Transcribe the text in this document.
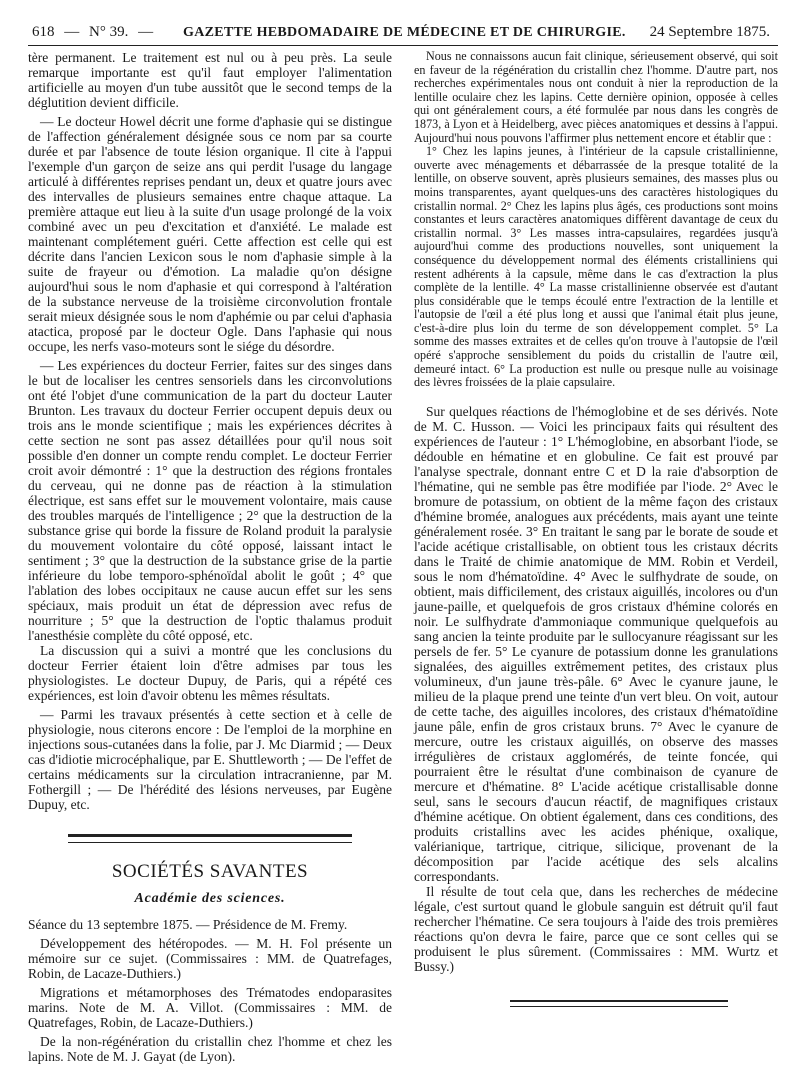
618 — N° 39. —	GAZETTE HEBDOMADAIRE DE MÉDECINE ET DE CHIRURGIE. 24 Septembre 1875.

tère permanent. Le traitement est nul ou à peu près. La seule remarque importante est qu'il faut employer l'alimentation artificielle au moyen d'un tube aussitôt que le second temps de la déglutition devient difficile.

— Le docteur Howel décrit une forme d'aphasie qui se distingue de l'affection généralement désignée sous ce nom par sa courte durée et par l'absence de toute lésion organique. Il cite à l'appui l'exemple d'un garçon de seize ans qui perdit l'usage du langage articulé à différentes reprises pendant un, deux et quatre jours avec des intervalles de plusieurs semaines entre chaque attaque. La première attaque eut lieu à la suite d'un usage prolongé de la voix combiné avec un peu d'excitation et d'anxiété. Le malade est maintenant complétement guéri. Cette affection est celle qui est décrite dans l'ancien Lexicon sous le nom d'aphasie simple à la suite de frayeur ou d'émotion. La maladie qu'on désigne aujourd'hui sous le nom d'aphasie et qui correspond à l'altération de la substance nerveuse de la troisième circonvolution frontale serait mieux désignée sous le nom d'aphémie ou par celui d'aphasia atactica, proposé par le docteur Ogle. Dans l'aphasie qui nous occupe, les nerfs vaso-moteurs sont le siége du désordre.

— Les expériences du docteur Ferrier, faites sur des singes dans le but de localiser les centres sensoriels dans les circonvolutions ont été l'objet d'une communication de la part du docteur Lauter Brunton. Les travaux du docteur Ferrier occupent depuis deux ou trois ans le monde scientifique ; mais les expériences décrites à cette section ne sont pas assez détaillées pour qu'il nous soit possible d'en donner un compte rendu complet. Le docteur Ferrier croit avoir démontré : 1° que la destruction des régions frontales du cerveau, qui ne donne pas de réaction à la stimulation électrique, est sans effet sur le mouvement volontaire, mais cause des troubles marqués de l'intelligence ; 2° que la destruction de la substance grise qui borde la fissure de Roland produit la paralysie du mouvement volontaire du côté opposé, laissant intact le sentiment ; 3° que la destruction de la substance grise de la partie inférieure du lobe temporo-sphénoïdal abolit le goût ; 4° que l'ablation des lobes occipitaux ne cause aucun effet sur les sens spéciaux, mais produit un état de dépression avec refus de nourriture ; 5° que la destruction de l'optic thalamus produit l'anesthésie complète du côté opposé, etc.

La discussion qui a suivi a montré que les conclusions du docteur Ferrier étaient loin d'être admises par tous les physiologistes. Le docteur Dupuy, de Paris, qui a répété ces expériences, est loin d'avoir obtenu les mêmes résultats.

— Parmi les travaux présentés à cette section et à celle de physiologie, nous citerons encore : De l'emploi de la morphine en injections sous-cutanées dans la folie, par J. Mc Diarmid ; — Deux cas d'idiotie microcéphalique, par E. Shuttleworth ; — De l'effet de certains médicaments sur la circulation intracranienne, par M. Fothergill ; — De l'hérédité des lésions nerveuses, par Eugène Dupuy, etc.

SOCIÉTÉS SAVANTES
Académie des sciences.

Séance du 13 septembre 1875. — Présidence de M. Fremy.

Développement des hétéropodes. — M. H. Fol présente un mémoire sur ce sujet. (Commissaires : MM. de Quatrefages, Robin, de Lacaze-Duthiers.)

Migrations et métamorphoses des Trématodes endoparasites marins. Note de M. A. Villot. (Commissaires : MM. de Quatrefages, Robin, de Lacaze-Duthiers.)

De la non-régénération du cristallin chez l'homme et chez les lapins. Note de M. J. Gayat (de Lyon).

Nous ne connaissons aucun fait clinique, sérieusement observé, qui soit en faveur de la régénération du cristallin chez l'homme. D'autre part, nos recherches expérimentales nous ont conduit à nier la reproduction de la lentille oculaire chez les lapins. Cette dernière opinion, opposée à celles qui ont généralement cours, a été formulée par nous dans les congrès de 1873, à Lyon et à Heidelberg, avec pièces anatomiques et dessins à l'appui. Aujourd'hui nous pouvons l'affirmer plus nettement encore et établir que :

1° Chez les lapins jeunes, à l'intérieur de la capsule cristallinienne, ouverte avec ménagements et débarrassée de la presque totalité de la lentille, on observe souvent, après plusieurs semaines, des masses plus ou moins transparentes, ayant quelques-uns des caractères histologiques du cristallin normal. 2° Chez les lapins plus âgés, ces productions sont moins constantes et leurs caractères anatomiques diffèrent davantage de ceux du cristallin normal. 3° Les masses intra-capsulaires, regardées jusqu'à aujourd'hui comme des productions nouvelles, sont uniquement la conséquence du développement normal des éléments cristalliniens qui restent adhérents à la capsule, même dans le cas d'extraction la plus complète de la lentille. 4° La masse cristallinienne observée est d'autant plus considérable que le temps écoulé entre l'extraction de la lentille et l'autopsie de l'œil a été plus long et aussi que l'animal était plus jeune, c'est-à-dire plus loin du terme de son développement complet. 5° La somme des masses extraites et de celles qu'on trouve à l'autopsie de l'œil opéré s'approche sensiblement du poids du cristallin de l'autre œil, demeuré intact. 6° La production est nulle ou presque nulle au voisinage des lèvres froissées de la plaie capsulaire.

Sur quelques réactions de l'hémoglobine et de ses dérivés. Note de M. C. Husson. — Voici les principaux faits qui résultent des expériences de l'auteur : 1° L'hémoglobine, en absorbant l'iode, se dédouble en hématine et en globuline. Ce fait est prouvé par l'analyse spectrale, donnant entre C et D la raie d'absorption de l'hématine, qui ne semble pas être modifiée par l'iode. 2° Avec le bromure de potassium, on obtient de la même façon des cristaux d'hémine bromée, analogues aux précédents, mais ayant une teinte généralement rosée. 3° En traitant le sang par le borate de soude et l'acide acétique cristallisable, on obtient tous les cristaux décrits dans le Traité de chimie anatomique de MM. Robin et Verdeil, sous le nom d'hématoïdine. 4° Avec le sulfhydrate de soude, on obtient, mais difficilement, des cristaux aiguillés, incolores ou d'un jaune-paille, et quelquefois de gros cristaux d'hémine colorés en noir. Le sulfhydrate d'ammoniaque communique quelquefois au sang ancien la teinte produite par le sullocyanure réagissant sur les persels de fer. 5° Le cyanure de potassium donne les granulations signalées, des aiguilles extrêmement petites, des cristaux plus volumineux, d'un jaune très-pâle. 6° Avec le cyanure jaune, le milieu de la plaque prend une teinte d'un vert bleu. On voit, autour de cette tache, des aiguilles incolores, des cristaux d'hématoïdine jaune pâle, enfin de gros cristaux bruns. 7° Avec le cyanure de mercure, outre les cristaux aiguillés, on observe des masses irrégulières de cristaux agglomérés, de teinte foncée, qui pourraient être le résultat d'une combinaison de cyanure de mercure et d'hématine. 8° L'acide acétique cristallisable donne seul, sans le secours d'aucun réactif, de magnifiques cristaux d'hémine acétique. On obtient également, dans ces conditions, des produits cristallins avec les acides phénique, oxalique, valérianique, tartrique, citrique, silicique, provenant de la décomposition par l'acide acétique des sels alcalins correspondants.

Il résulte de tout cela que, dans les recherches de médecine légale, c'est surtout quand le globule sanguin est détruit qu'il faut rechercher l'hématine. Ce sera toujours à l'aide des trois premières réactions qu'on devra le faire, parce que ce sont celles qui se produisent le plus sûrement. (Commissaires : MM. Wurtz et Bussy.)
